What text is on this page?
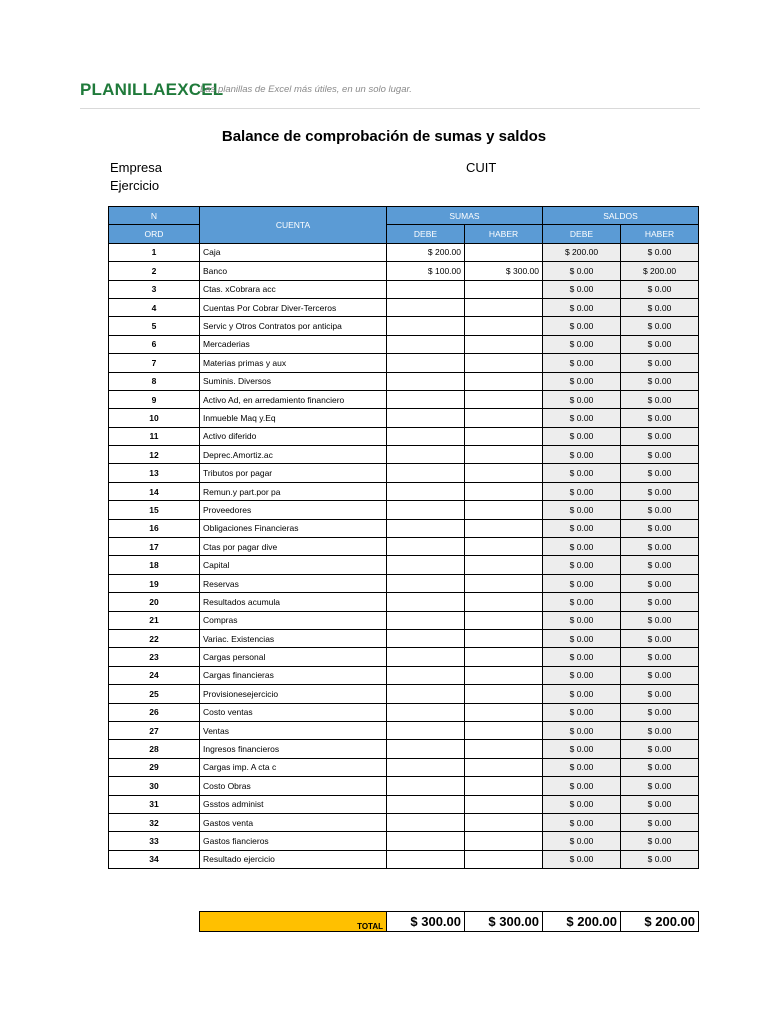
PLANILLAEXCEL
Las planillas de Excel más útiles, en un solo lugar.
Balance de comprobación de sumas y saldos
Empresa
Ejercicio
CUIT
N	CUENTA	SUMAS		SALDOS	
ORD		DEBE	HABER	DEBE	HABER
1	Caja	$ 200.00		$ 200.00	$ 0.00
2	Banco	$ 100.00	$ 300.00	$ 0.00	$ 200.00
3	Ctas. xCobrara acc			$ 0.00	$ 0.00
4	Cuentas Por Cobrar Diver-Terceros			$ 0.00	$ 0.00
5	Servic y Otros Contratos por anticipa			$ 0.00	$ 0.00
6	Mercaderias			$ 0.00	$ 0.00
7	Materias primas y aux			$ 0.00	$ 0.00
8	Suminis. Diversos			$ 0.00	$ 0.00
9	Activo Ad, en arredamiento financiero			$ 0.00	$ 0.00
10	Inmueble Maq y.Eq			$ 0.00	$ 0.00
11	Activo diferido			$ 0.00	$ 0.00
12	Deprec.Amortiz.ac			$ 0.00	$ 0.00
13	Tributos por pagar			$ 0.00	$ 0.00
14	Remun.y part.por pa			$ 0.00	$ 0.00
15	Proveedores			$ 0.00	$ 0.00
16	Obligaciones Financieras			$ 0.00	$ 0.00
17	Ctas por pagar dive			$ 0.00	$ 0.00
18	Capital			$ 0.00	$ 0.00
19	Reservas			$ 0.00	$ 0.00
20	Resultados acumula			$ 0.00	$ 0.00
21	Compras			$ 0.00	$ 0.00
22	Variac. Existencias			$ 0.00	$ 0.00
23	Cargas personal			$ 0.00	$ 0.00
24	Cargas financieras			$ 0.00	$ 0.00
25	Provisionesejercicio			$ 0.00	$ 0.00
26	Costo ventas			$ 0.00	$ 0.00
27	Ventas			$ 0.00	$ 0.00
28	Ingresos financieros			$ 0.00	$ 0.00
29	Cargas imp. A cta c			$ 0.00	$ 0.00
30	Costo Obras			$ 0.00	$ 0.00
31	Gsstos administ			$ 0.00	$ 0.00
32	Gastos venta			$ 0.00	$ 0.00
33	Gastos fiancieros			$ 0.00	$ 0.00
34	Resultado ejercicio			$ 0.00	$ 0.00
TOTAL	$ 300.00	$ 300.00	$ 200.00	$ 200.00
